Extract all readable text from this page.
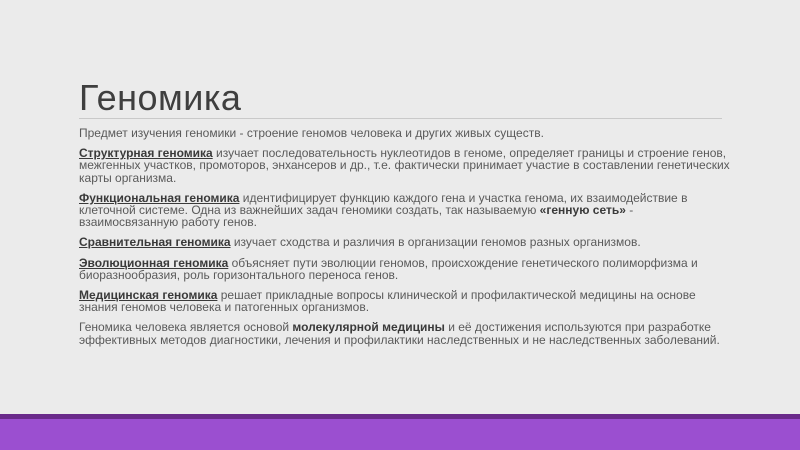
Геномика

Предмет изучения геномики - строение геномов человека и других живых существ.

Структурная геномика изучает последовательность нуклеотидов в геноме, определяет границы и строение генов, межгенных участков, промоторов, энхансеров и др., т.е. фактически принимает участие в составлении генетических карты организма.

Функциональная геномика идентифицирует функцию каждого гена и участка генома, их взаимодействие в клеточной системе. Одна из важнейших задач геномики создать, так называемую «генную сеть» - взаимосвязанную работу генов.

Сравнительная геномика изучает сходства и различия в организации геномов разных организмов.

Эволюционная геномика объясняет пути эволюции геномов, происхождение генетического полиморфизма и биоразнообразия, роль горизонтального переноса генов.

Медицинская геномика решает прикладные вопросы клинической и профилактической медицины на основе знания геномов человека и патогенных организмов.

Геномика человека является основой молекулярной медицины и её достижения используются при разработке эффективных методов диагностики, лечения и профилактики наследственных и не наследственных заболеваний.
